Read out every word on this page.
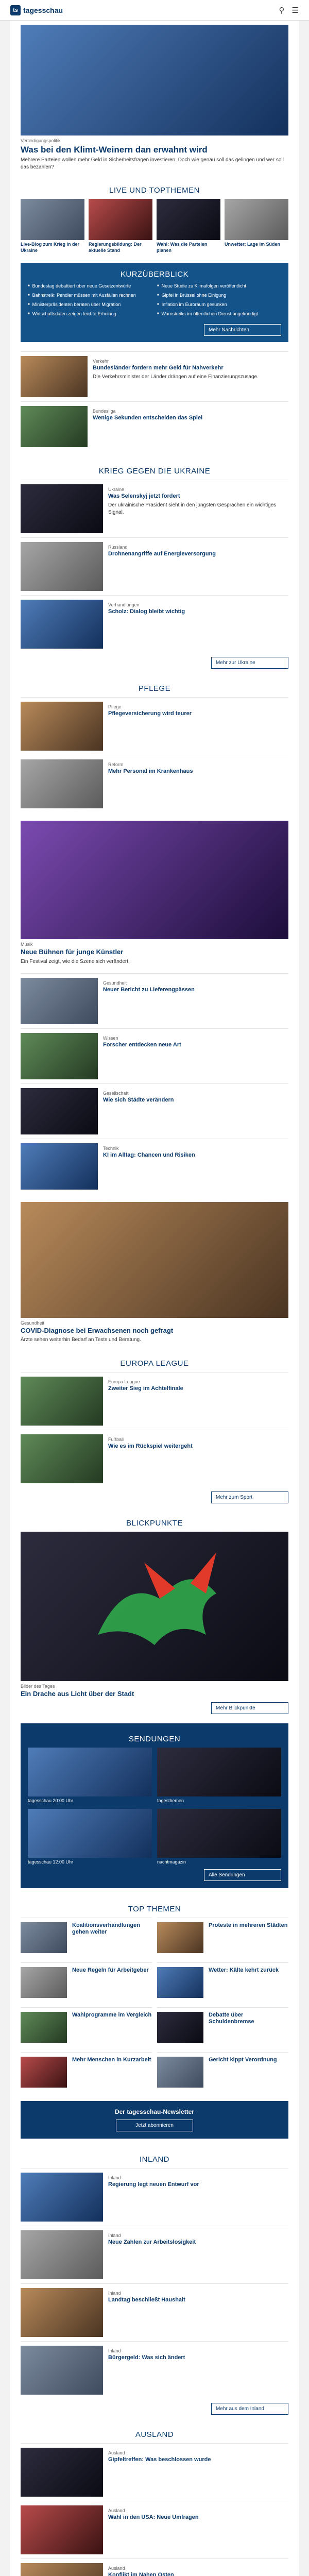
ts tagesschau	⚲ ☰
Verteidigungspolitik
Was bei den Klimt-Weinern dan erwahnt wird
Mehrere Parteien wollen mehr Geld in Sicherheitsfragen investieren. Doch wie genau soll das gelingen und wer soll das bezahlen?
LIVE UND TOPTHEMEN
Live-Blog zum Krieg in der Ukraine
Regierungsbildung: Der aktuelle Stand
Wahl: Was die Parteien planen
Unwetter: Lage im Süden
KURZÜBERBLICK
■ Bundestag debattiert über neue Gesetzentwürfe
■ Bahnstreik: Pendler müssen mit Ausfällen rechnen
■ Ministerpräsidenten beraten über Migration
■ Wirtschaftsdaten zeigen leichte Erholung
■ Neue Studie zu Klimafolgen veröffentlicht
■ Gipfel in Brüssel ohne Einigung
■ Inflation im Euroraum gesunken
■ Warnstreiks im öffentlichen Dienst angekündigt
Mehr Nachrichten
Verkehr
Bundesländer fordern mehr Geld für Nahverkehr
Die Verkehrsminister der Länder drängen auf eine Finanzierungszusage.
Bundesliga
Wenige Sekunden entscheiden das Spiel
KRIEG GEGEN DIE UKRAINE
Ukraine
Was Selenskyj jetzt fordert
Der ukrainische Präsident sieht in den jüngsten Gesprächen ein wichtiges Signal.
Russland
Drohnenangriffe auf Energieversorgung
Verhandlungen
Scholz: Dialog bleibt wichtig
Mehr zur Ukraine
PFLEGE
Pflege
Pflegeversicherung wird teurer
Reform
Mehr Personal im Krankenhaus
Musik
Neue Bühnen für junge Künstler
Ein Festival zeigt, wie die Szene sich verändert.
Gesundheit
Neuer Bericht zu Lieferengpässen
Wissen
Forscher entdecken neue Art
Gesellschaft
Wie sich Städte verändern
Technik
KI im Alltag: Chancen und Risiken
Gesundheit
COVID-Diagnose bei Erwachsenen noch gefragt
Ärzte sehen weiterhin Bedarf an Tests und Beratung.
EUROPA LEAGUE
Europa League
Zweiter Sieg im Achtelfinale
Fußball
Wie es im Rückspiel weitergeht
Mehr zum Sport
BLICKPUNKTE
Bilder des Tages
Ein Drache aus Licht über der Stadt
Mehr Blickpunkte
SENDUNGEN
tagesschau 20:00 Uhr	tagesthemen
tagesschau 12:00 Uhr	nachtmagazin
Alle Sendungen
TOP THEMEN
Koalitionsverhandlungen gehen weiter
Proteste in mehreren Städten
Neue Regeln für Arbeitgeber	Wetter: Kälte kehrt zurück
Wahlprogramme im Vergleich	Debatte über Schuldenbremse
Mehr Menschen in Kurzarbeit	Gericht kippt Verordnung
Der tagesschau-Newsletter
Jetzt abonnieren
INLAND
Inland
Regierung legt neuen Entwurf vor
Inland
Neue Zahlen zur Arbeitslosigkeit
Inland
Landtag beschließt Haushalt
Inland
Bürgergeld: Was sich ändert
Mehr aus dem Inland
AUSLAND
Ausland
Gipfeltreffen: Was beschlossen wurde
Ausland
Wahl in den USA: Neue Umfragen
Ausland
Konflikt im Nahen Osten
